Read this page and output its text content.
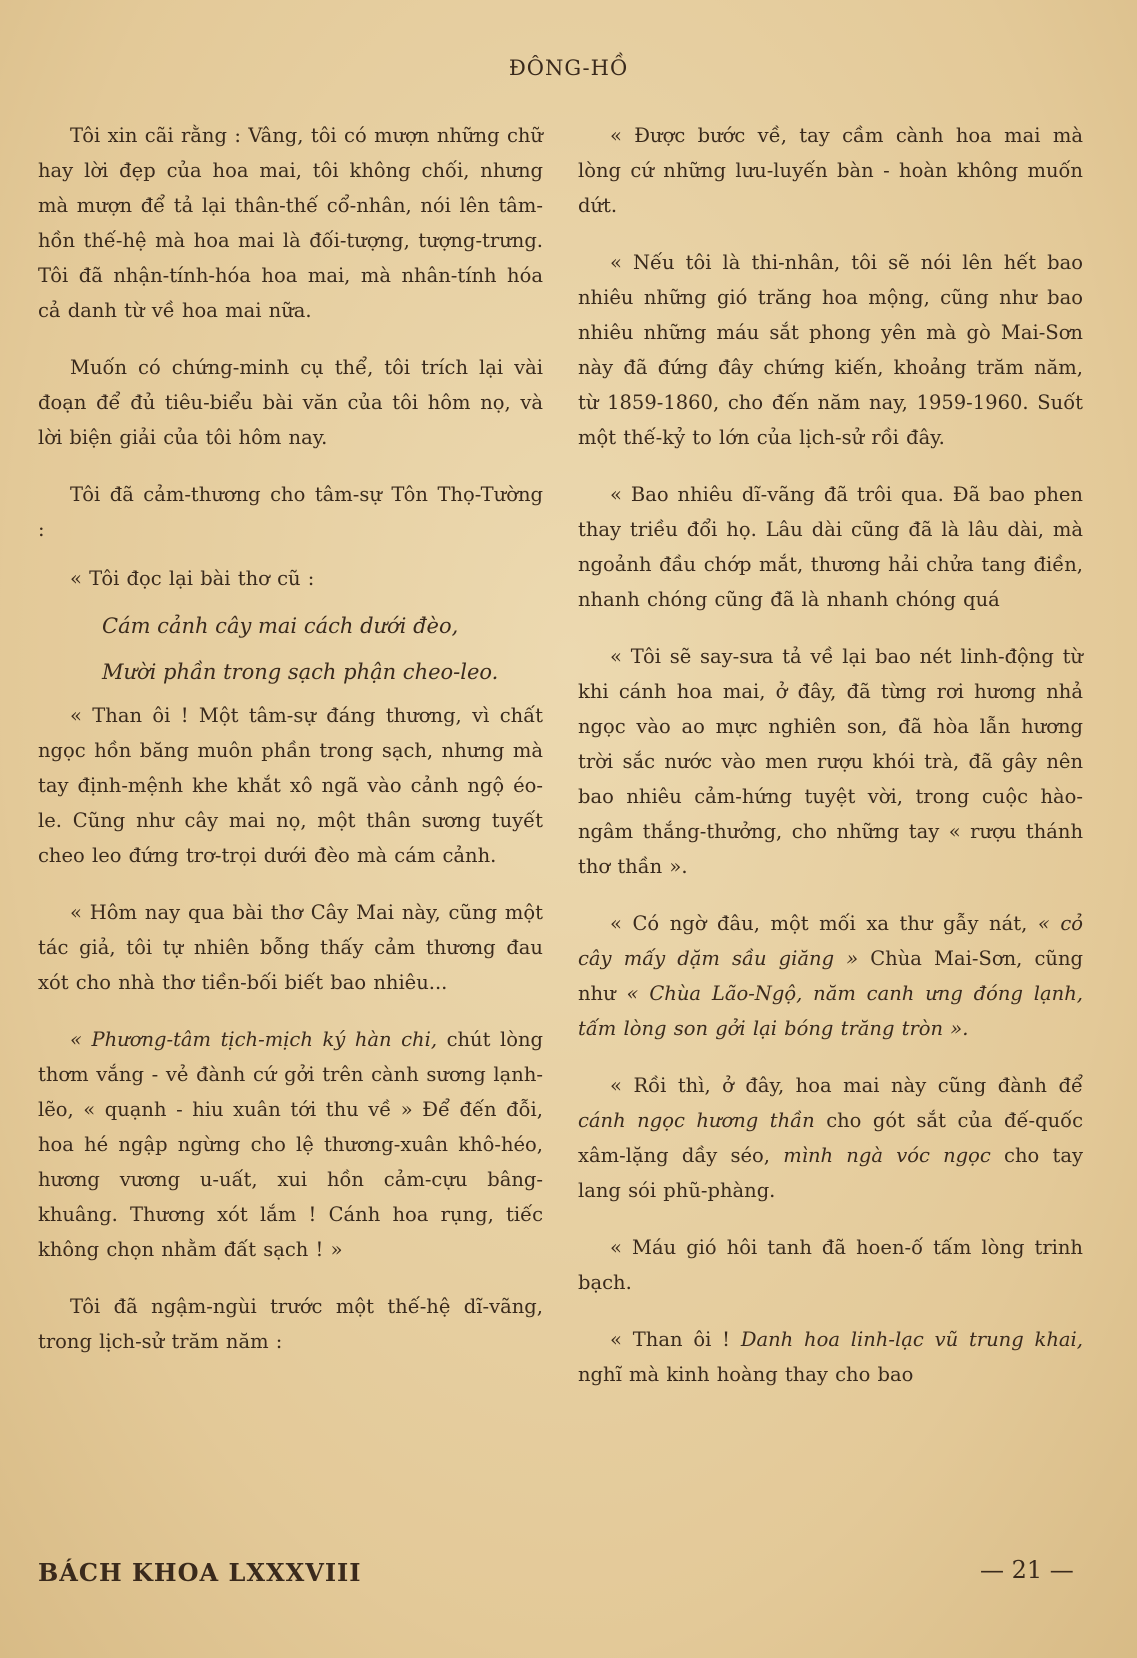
ĐÔNG-HỒ

Tôi xin cãi rằng : Vâng, tôi có mượn những chữ hay lời đẹp của hoa mai, tôi không chối, nhưng mà mượn để tả lại thân-thế cổ-nhân, nói lên tâm-hồn thế-hệ mà hoa mai là đối-tượng, tượng-trưng. Tôi đã nhận-tính-hóa hoa mai, mà nhân-tính hóa cả danh từ về hoa mai nữa.

Muốn có chứng-minh cụ thể, tôi trích lại vài đoạn để đủ tiêu-biểu bài văn của tôi hôm nọ, và lời biện giải của tôi hôm nay.

Tôi đã cảm-thương cho tâm-sự Tôn Thọ-Tường :

« Tôi đọc lại bài thơ cũ :

Cám cảnh cây mai cách dưới đèo,

Mười phần trong sạch phận cheo-leo.

« Than ôi ! Một tâm-sự đáng thương, vì chất ngọc hồn băng muôn phần trong sạch, nhưng mà tay định-mệnh khe khắt xô ngã vào cảnh ngộ éo-le. Cũng như cây mai nọ, một thân sương tuyết cheo leo đứng trơ-trọi dưới đèo mà cám cảnh.

« Hôm nay qua bài thơ Cây Mai này, cũng một tác giả, tôi tự nhiên bỗng thấy cảm thương đau xót cho nhà thơ tiền-bối biết bao nhiêu...

« Phương-tâm tịch-mịch ký hàn chi, chút lòng thơm vắng - vẻ đành cứ gởi trên cành sương lạnh-lẽo, « quạnh - hiu xuân tới thu về » Để đến đỗi, hoa hé ngập ngừng cho lệ thương-xuân khô-héo, hương vương u-uất, xui hồn cảm-cựu bâng-khuâng. Thương xót lắm ! Cánh hoa rụng, tiếc không chọn nhằm đất sạch ! »

Tôi đã ngậm-ngùi trước một thế-hệ dĩ-vãng, trong lịch-sử trăm năm :

« Được bước về, tay cầm cành hoa mai mà lòng cứ những lưu-luyến bàn - hoàn không muốn dứt.

« Nếu tôi là thi-nhân, tôi sẽ nói lên hết bao nhiêu những gió trăng hoa mộng, cũng như bao nhiêu những máu sắt phong yên mà gò Mai-Sơn này đã đứng đây chứng kiến, khoảng trăm năm, từ 1859-1860, cho đến năm nay, 1959-1960. Suốt một thế-kỷ to lớn của lịch-sử rồi đây.

« Bao nhiêu dĩ-vãng đã trôi qua. Đã bao phen thay triều đổi họ. Lâu dài cũng đã là lâu dài, mà ngoảnh đầu chớp mắt, thương hải chửa tang điền, nhanh chóng cũng đã là nhanh chóng quá

« Tôi sẽ say-sưa tả về lại bao nét linh-động từ khi cánh hoa mai, ở đây, đã từng rơi hương nhả ngọc vào ao mực nghiên son, đã hòa lẫn hương trời sắc nước vào men rượu khói trà, đã gây nên bao nhiêu cảm-hứng tuyệt vời, trong cuộc hào-ngâm thắng-thưởng, cho những tay « rượu thánh thơ thần ».

« Có ngờ đâu, một mối xa thư gẫy nát, « cỏ cây mấy dặm sầu giăng » Chùa Mai-Sơn, cũng như « Chùa Lão-Ngộ, năm canh ưng đóng lạnh, tấm lòng son gởi lại bóng trăng tròn ».

« Rồi thì, ở đây, hoa mai này cũng đành để cánh ngọc hương thần cho gót sắt của đế-quốc xâm-lặng dầy séo, mình ngà vóc ngọc cho tay lang sói phũ-phàng.

« Máu gió hôi tanh đã hoen-ố tấm lòng trinh bạch.

« Than ôi ! Danh hoa linh-lạc vũ trung khai, nghĩ mà kinh hoàng thay cho bao

BÁCH KHOA LXXXVIII	— 21 —
